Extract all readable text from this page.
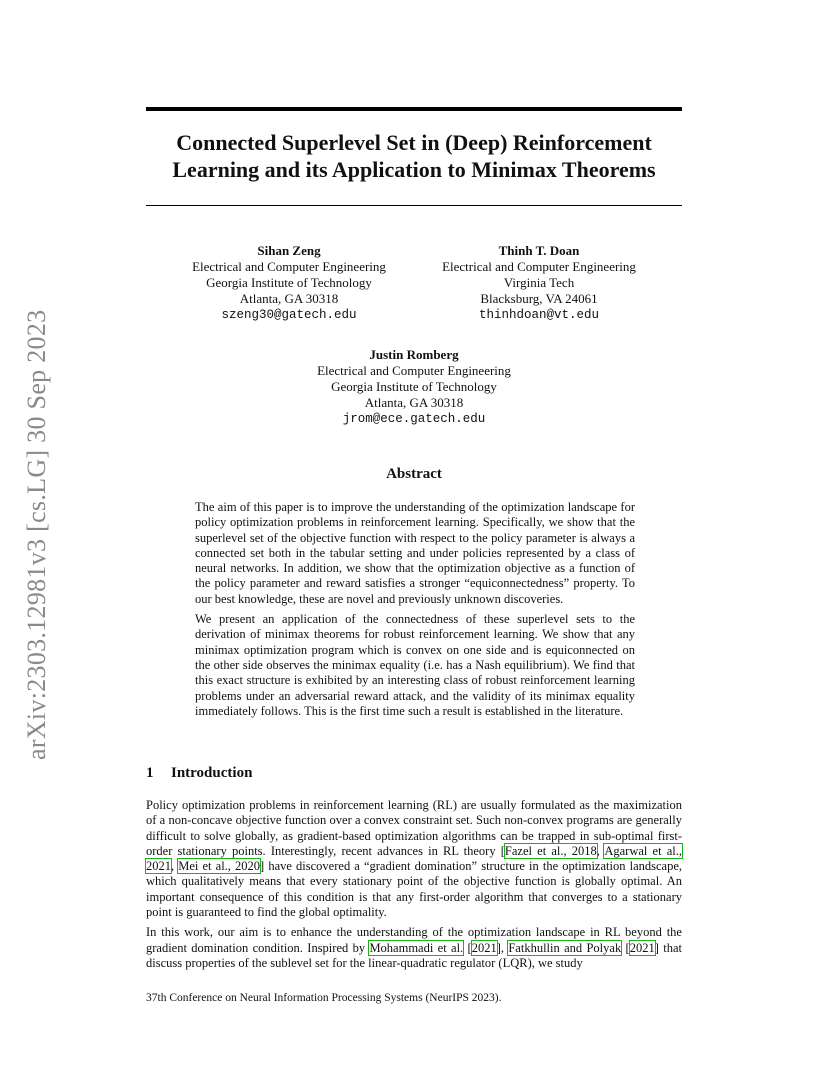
arXiv:2303.12981v3 [cs.LG] 30 Sep 2023
Connected Superlevel Set in (Deep) Reinforcement
Learning and its Application to Minimax Theorems
Sihan Zeng
Electrical and Computer Engineering
Georgia Institute of Technology
Atlanta, GA 30318
szeng30@gatech.edu
Thinh T. Doan
Electrical and Computer Engineering
Virginia Tech
Blacksburg, VA 24061
thinhdoan@vt.edu
Justin Romberg
Electrical and Computer Engineering
Georgia Institute of Technology
Atlanta, GA 30318
jrom@ece.gatech.edu
Abstract

The aim of this paper is to improve the understanding of the optimization landscape for policy optimization problems in reinforcement learning. Specifically, we show that the superlevel set of the objective function with respect to the policy parameter is always a connected set both in the tabular setting and under policies represented by a class of neural networks. In addition, we show that the optimization objective as a function of the policy parameter and reward satisfies a stronger “equiconnectedness” property. To our best knowledge, these are novel and previously unknown discoveries.

We present an application of the connectedness of these superlevel sets to the derivation of minimax theorems for robust reinforcement learning. We show that any minimax optimization program which is convex on one side and is equiconnected on the other side observes the minimax equality (i.e. has a Nash equilibrium). We find that this exact structure is exhibited by an interesting class of robust reinforcement learning problems under an adversarial reward attack, and the validity of its minimax equality immediately follows. This is the first time such a result is established in the literature.

1 Introduction

Policy optimization problems in reinforcement learning (RL) are usually formulated as the maximization of a non-concave objective function over a convex constraint set. Such non-convex programs are generally difficult to solve globally, as gradient-based optimization algorithms can be trapped in sub-optimal first-order stationary points. Interestingly, recent advances in RL theory [Fazel et al., 2018, Agarwal et al., 2021, Mei et al., 2020] have discovered a “gradient domination” structure in the optimization landscape, which qualitatively means that every stationary point of the objective function is globally optimal. An important consequence of this condition is that any first-order algorithm that converges to a stationary point is guaranteed to find the global optimality.

In this work, our aim is to enhance the understanding of the optimization landscape in RL beyond the gradient domination condition. Inspired by Mohammadi et al. [2021], Fatkhullin and Polyak [2021] that discuss properties of the sublevel set for the linear-quadratic regulator (LQR), we study

37th Conference on Neural Information Processing Systems (NeurIPS 2023).
